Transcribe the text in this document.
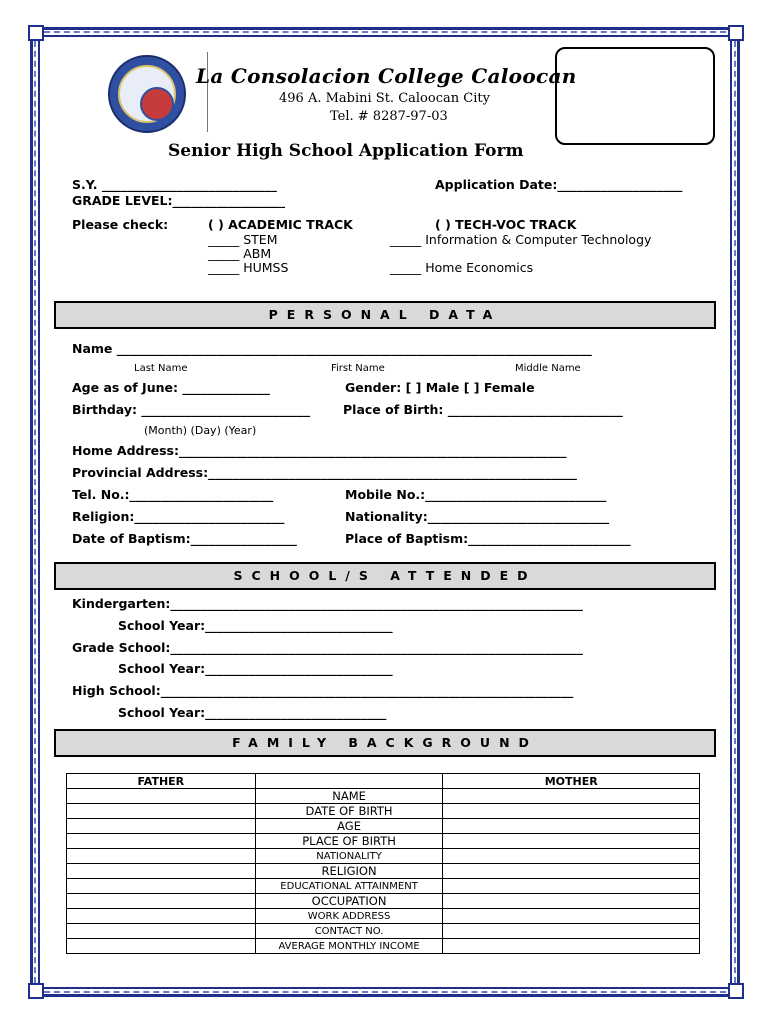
La Consolacion College Caloocan
496 A. Mabini St. Caloocan City
Tel. # 8287-97-03
Senior High School Application Form
S.Y. ____________________________
GRADE LEVEL:__________________
Application Date:____________________
Please check:	( ) ACADEMIC TRACK
_____ STEM
_____ ABM
_____ HUMSS
( ) TECH-VOC TRACK
_____ Information & Computer Technology
_____ Home Economics
PERSONAL DATA
Name ____________________________________________________________________________
Last Name	First Name	Middle Name
Age as of June: ______________	Gender: [ ] Male [ ] Female
Birthday: ___________________________	Place of Birth: ____________________________
(Month) (Day) (Year)
Home Address:______________________________________________________________
Provincial Address:___________________________________________________________
Tel. No.:_______________________	Mobile No.:_____________________________
Religion:________________________	Nationality:_____________________________
Date of Baptism:_________________	Place of Baptism:__________________________
SCHOOL/S ATTENDED
Kindergarten:__________________________________________________________________
School Year:______________________________
Grade School:__________________________________________________________________
School Year:______________________________
High School:__________________________________________________________________
School Year:_____________________________
FAMILY BACKGROUND
FATHER		MOTHER
	NAME	
	DATE OF BIRTH	
	AGE	
	PLACE OF BIRTH	
	NATIONALITY	
	RELIGION	
	EDUCATIONAL ATTAINMENT	
	OCCUPATION	
	WORK ADDRESS	
	CONTACT NO.	
	AVERAGE MONTHLY INCOME	
